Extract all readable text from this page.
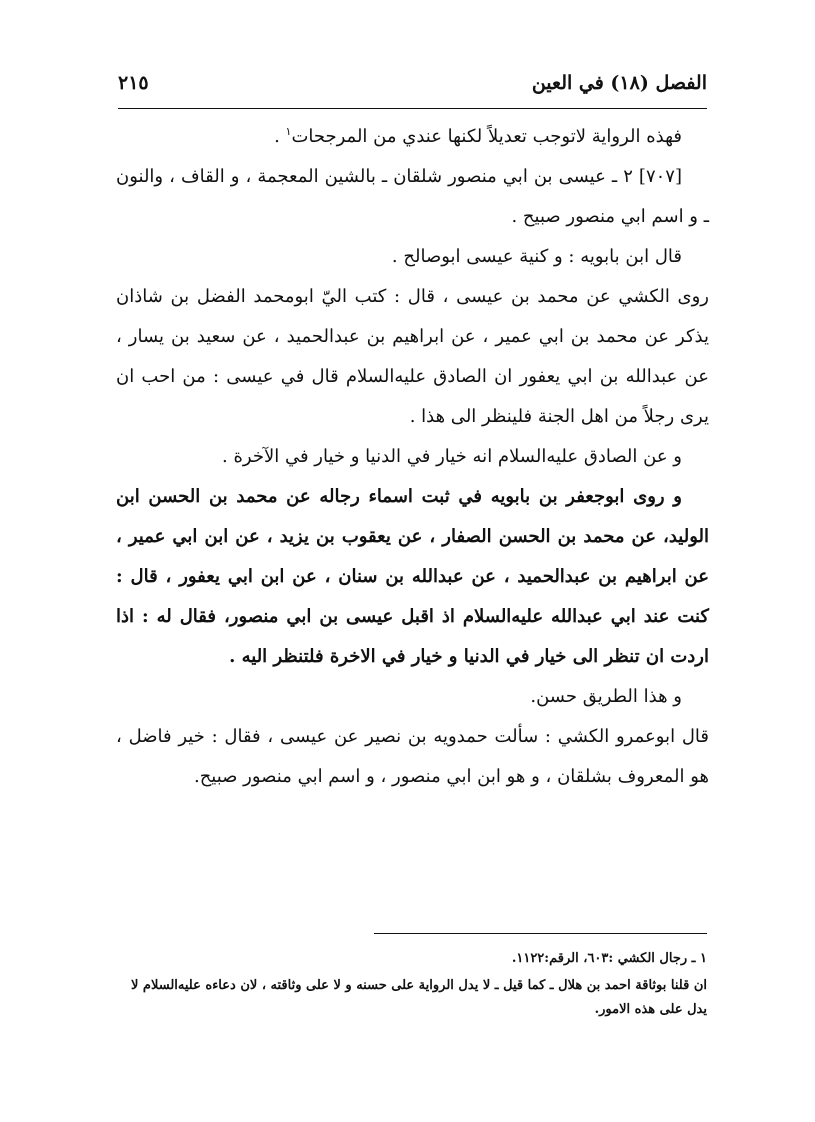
الفصل (١٨) في العين
٢١٥

فهذه الرواية لاتوجب تعديلاً لكنها عندي من المرجحات$^١$ .

[٧٠٧] ٢ ـ عيسى بن ابي منصور شلقان ـ بالشين المعجمة ، و القاف ، والنون ـ و اسم ابي منصور صبيح .

قال ابن بابويه : و كنية عيسى ابوصالح .

روى الكشي عن محمد بن عيسى ، قال : كتب اليّ ابومحمد الفضل بن شاذان يذكر عن محمد بن ابي عمير ، عن ابراهيم بن عبدالحميد ، عن سعيد بن يسار ، عن عبدالله بن ابي يعفور ان الصادق عليه‌السلام قال في عيسى : من احب ان يرى رجلاً من اهل الجنة فلينظر الى هذا .

و عن الصادق عليه‌السلام انه خيار في الدنيا و خيار في الآخرة .

و روى ابوجعفر بن بابويه في ثبت اسماء رجاله عن محمد بن الحسن ابن الوليد، عن محمد بن الحسن الصفار ، عن يعقوب بن يزيد ، عن ابن ابي عمير ، عن ابراهيم بن عبدالحميد ، عن عبدالله بن سنان ، عن ابن ابي يعفور ، قال : كنت عند ابي عبدالله عليه‌السلام اذ اقبل عيسى بن ابي منصور، فقال له : اذا اردت ان تنظر الى خيار في الدنيا و خيار في الاخرة فلتنظر اليه .

و هذا الطريق حسن.

قال ابوعمرو الكشي : سألت حمدويه بن نصير عن عيسى ، فقال : خير فاضل ، هو المعروف بشلقان ، و هو ابن ابي منصور ، و اسم ابي منصور صبيح.

١ ـ رجال الكشي :٦٠٣، الرقم:١١٢٢.

ان قلنا بوثاقة احمد بن هلال ـ كما قيل ـ لا يدل الرواية على حسنه و لا على وثاقته ، لان دعاءه عليه‌السلام لا يدل على هذه الامور.
